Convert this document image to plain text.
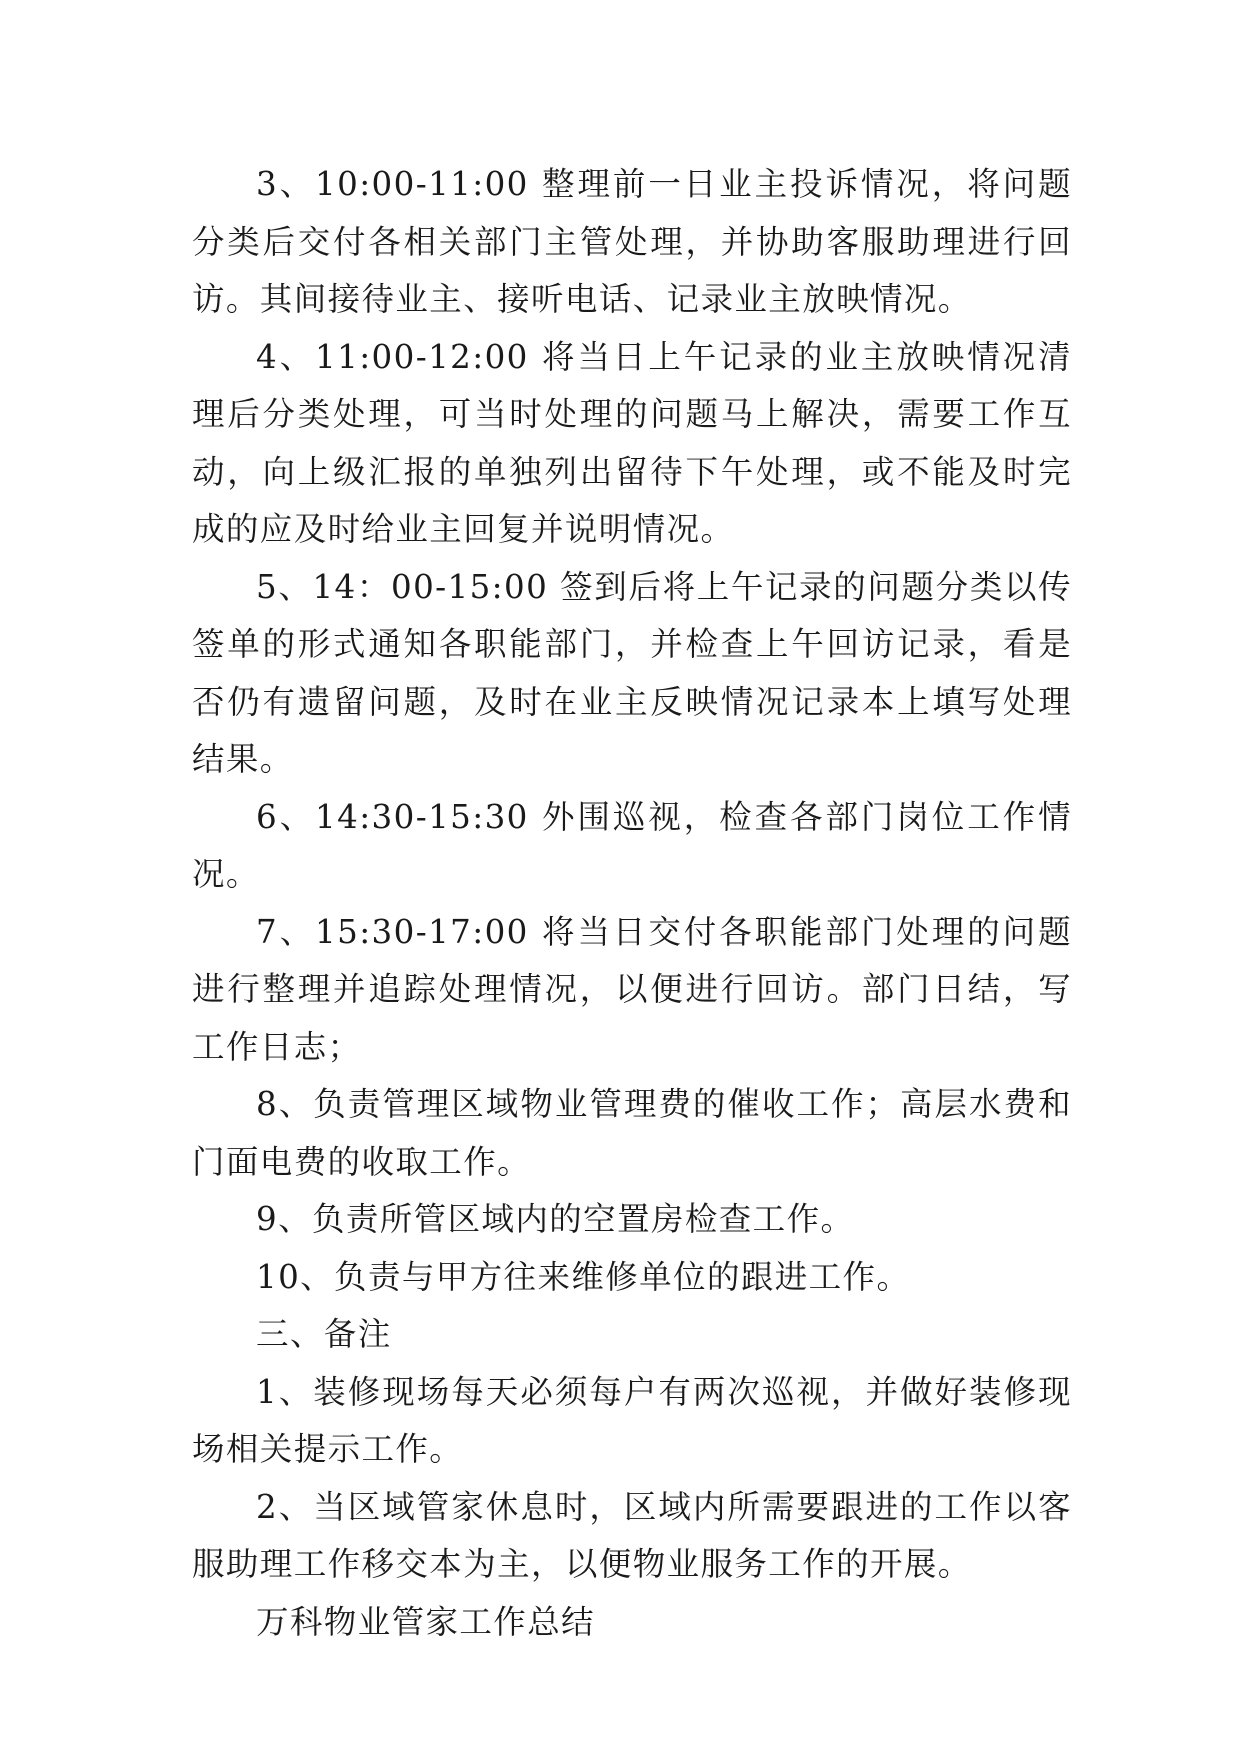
3、10:00-11:00 整理前一日业主投诉情况，将问题分类后交付各相关部门主管处理，并协助客服助理进行回访。其间接待业主、接听电话、记录业主放映情况。

4、11:00-12:00 将当日上午记录的业主放映情况清理后分类处理，可当时处理的问题马上解决，需要工作互动，向上级汇报的单独列出留待下午处理，或不能及时完成的应及时给业主回复并说明情况。

5、14：00-15:00 签到后将上午记录的问题分类以传签单的形式通知各职能部门，并检查上午回访记录，看是否仍有遗留问题，及时在业主反映情况记录本上填写处理结果。

6、14:30-15:30 外围巡视，检查各部门岗位工作情况。

7、15:30-17:00 将当日交付各职能部门处理的问题进行整理并追踪处理情况，以便进行回访。部门日结，写工作日志；

8、负责管理区域物业管理费的催收工作；高层水费和门面电费的收取工作。

9、负责所管区域内的空置房检查工作。

10、负责与甲方往来维修单位的跟进工作。

三、备注

1、装修现场每天必须每户有两次巡视，并做好装修现场相关提示工作。

2、当区域管家休息时，区域内所需要跟进的工作以客服助理工作移交本为主，以便物业服务工作的开展。

万科物业管家工作总结
